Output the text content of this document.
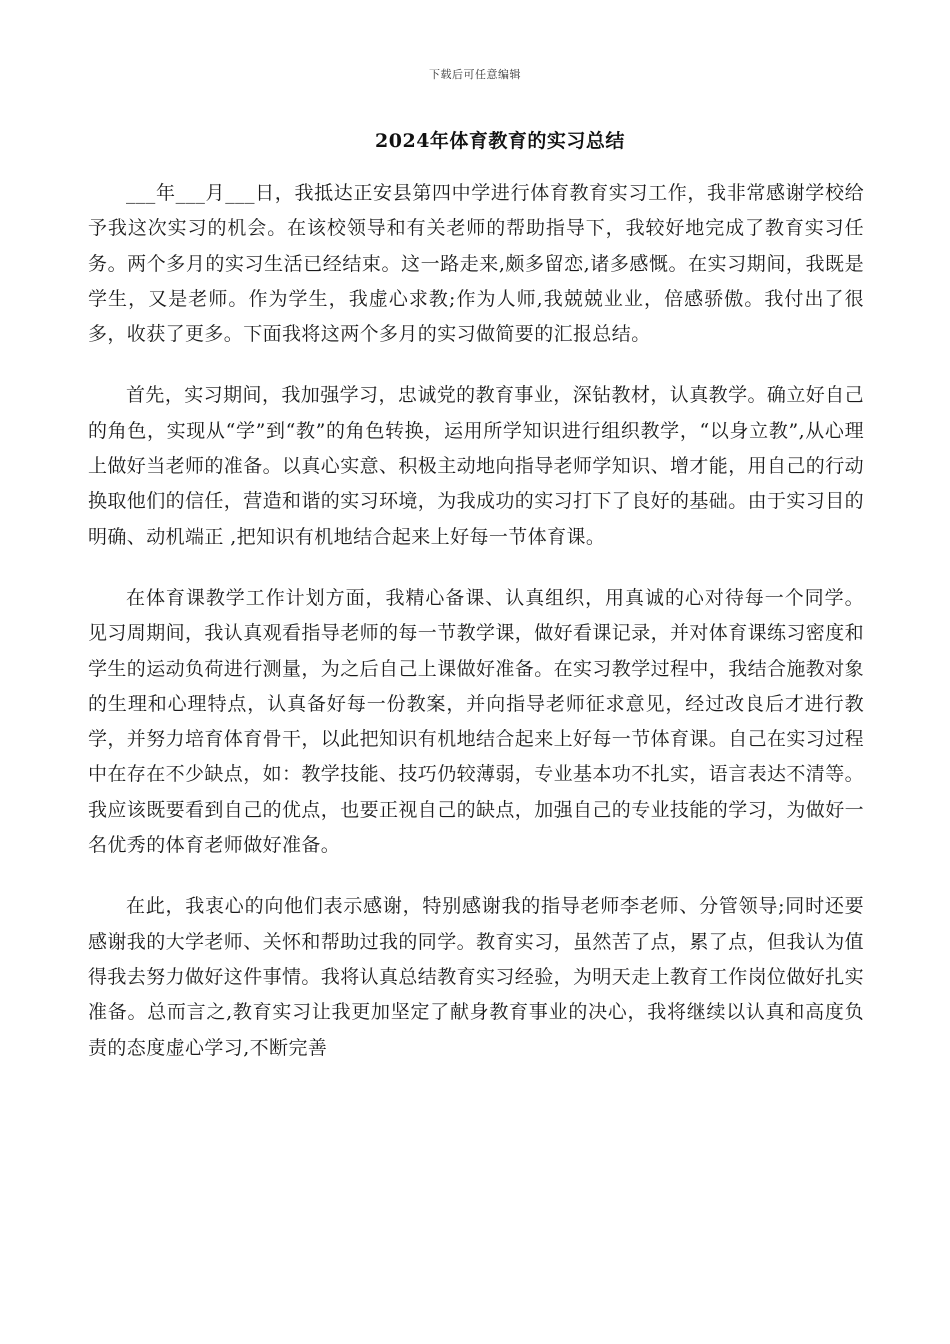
下载后可任意编辑
2024年体育教育的实习总结

___年___月___日，我抵达正安县第四中学进行体育教育实习工作，我非常感谢学校给予我这次实习的机会。在该校领导和有关老师的帮助指导下，我较好地完成了教育实习任务。两个多月的实习生活已经结束。这一路走来,颇多留恋,诸多感慨。在实习期间，我既是学生，又是老师。作为学生，我虚心求教;作为人师,我兢兢业业，倍感骄傲。我付出了很多，收获了更多。下面我将这两个多月的实习做简要的汇报总结。

首先，实习期间，我加强学习，忠诚党的教育事业，深钻教材，认真教学。确立好自己的角色，实现从“学”到“教”的角色转换，运用所学知识进行组织教学，“以身立教”,从心理上做好当老师的准备。以真心实意、积极主动地向指导老师学知识、增才能，用自己的行动换取他们的信任，营造和谐的实习环境，为我成功的实习打下了良好的基础。由于实习目的明确、动机端正 ,把知识有机地结合起来上好每一节体育课。

在体育课教学工作计划方面，我精心备课、认真组织，用真诚的心对待每一个同学。 见习周期间，我认真观看指导老师的每一节教学课，做好看课记录，并对体育课练习密度和学生的运动负荷进行测量，为之后自己上课做好准备。在实习教学过程中，我结合施教对象的生理和心理特点，认真备好每一份教案，并向指导老师征求意见，经过改良后才进行教学，并努力培育体育骨干，以此把知识有机地结合起来上好每一节体育课。自己在实习过程中在存在不少缺点，如：教学技能、技巧仍较薄弱，专业基本功不扎实，语言表达不清等。我应该既要看到自己的优点，也要正视自己的缺点，加强自己的专业技能的学习，为做好一名优秀的体育老师做好准备。

在此，我衷心的向他们表示感谢，特别感谢我的指导老师李老师、分管领导;同时还要感谢我的大学老师、关怀和帮助过我的同学。教育实习，虽然苦了点，累了点，但我认为值得我去努力做好这件事情。我将认真总结教育实习经验，为明天走上教育工作岗位做好扎实准备。总而言之,教育实习让我更加坚定了献身教育事业的决心，我将继续以认真和高度负责的态度虚心学习,不断完善
